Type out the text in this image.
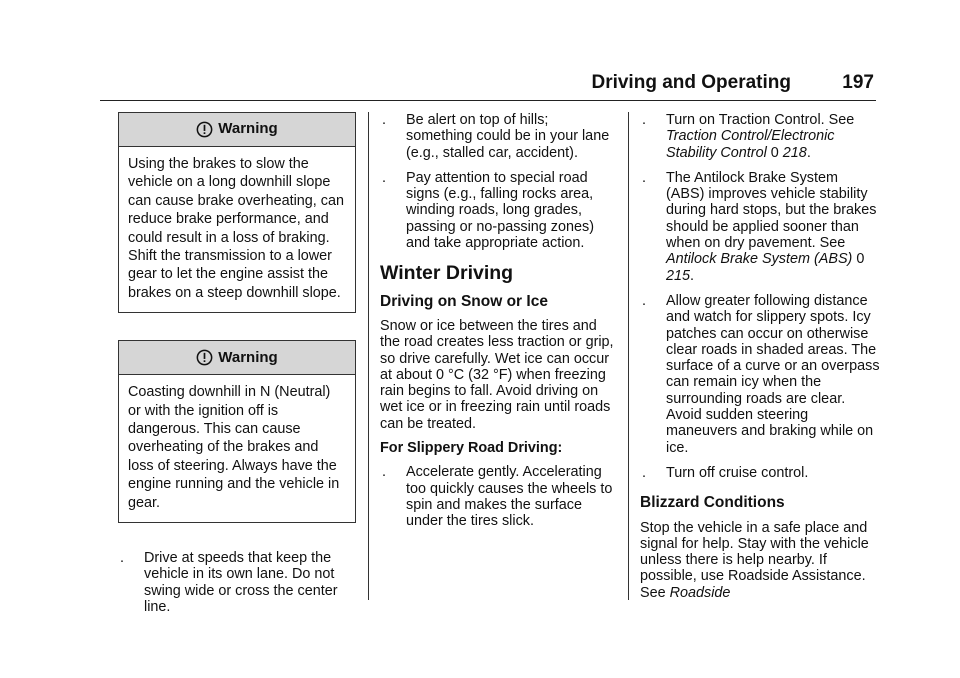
Driving and Operating	197
Warning
Using the brakes to slow the vehicle on a long downhill slope can cause brake overheating, can reduce brake performance, and could result in a loss of braking. Shift the transmission to a lower gear to let the engine assist the brakes on a steep downhill slope.
Warning
Coasting downhill in N (Neutral) or with the ignition off is dangerous. This can cause overheating of the brakes and loss of steering. Always have the engine running and the vehicle in gear.
. Drive at speeds that keep the vehicle in its own lane. Do not swing wide or cross the center line.
. Be alert on top of hills; something could be in your lane (e.g., stalled car, accident).
. Pay attention to special road signs (e.g., falling rocks area, winding roads, long grades, passing or no-passing zones) and take appropriate action.
Winter Driving
Driving on Snow or Ice

Snow or ice between the tires and the road creates less traction or grip, so drive carefully. Wet ice can occur at about 0 °C (32 °F) when freezing rain begins to fall. Avoid driving on wet ice or in freezing rain until roads can be treated.

For Slippery Road Driving:

. Accelerate gently. Accelerating too quickly causes the wheels to spin and makes the surface under the tires slick.
. Turn on Traction Control. See Traction Control/Electronic Stability Control 0 218.
. The Antilock Brake System (ABS) improves vehicle stability during hard stops, but the brakes should be applied sooner than when on dry pavement. See Antilock Brake System (ABS) 0 215.
. Allow greater following distance and watch for slippery spots. Icy patches can occur on otherwise clear roads in shaded areas. The surface of a curve or an overpass can remain icy when the surrounding roads are clear. Avoid sudden steering maneuvers and braking while on ice.
. Turn off cruise control.
Blizzard Conditions

Stop the vehicle in a safe place and signal for help. Stay with the vehicle unless there is help nearby. If possible, use Roadside Assistance. See Roadside
